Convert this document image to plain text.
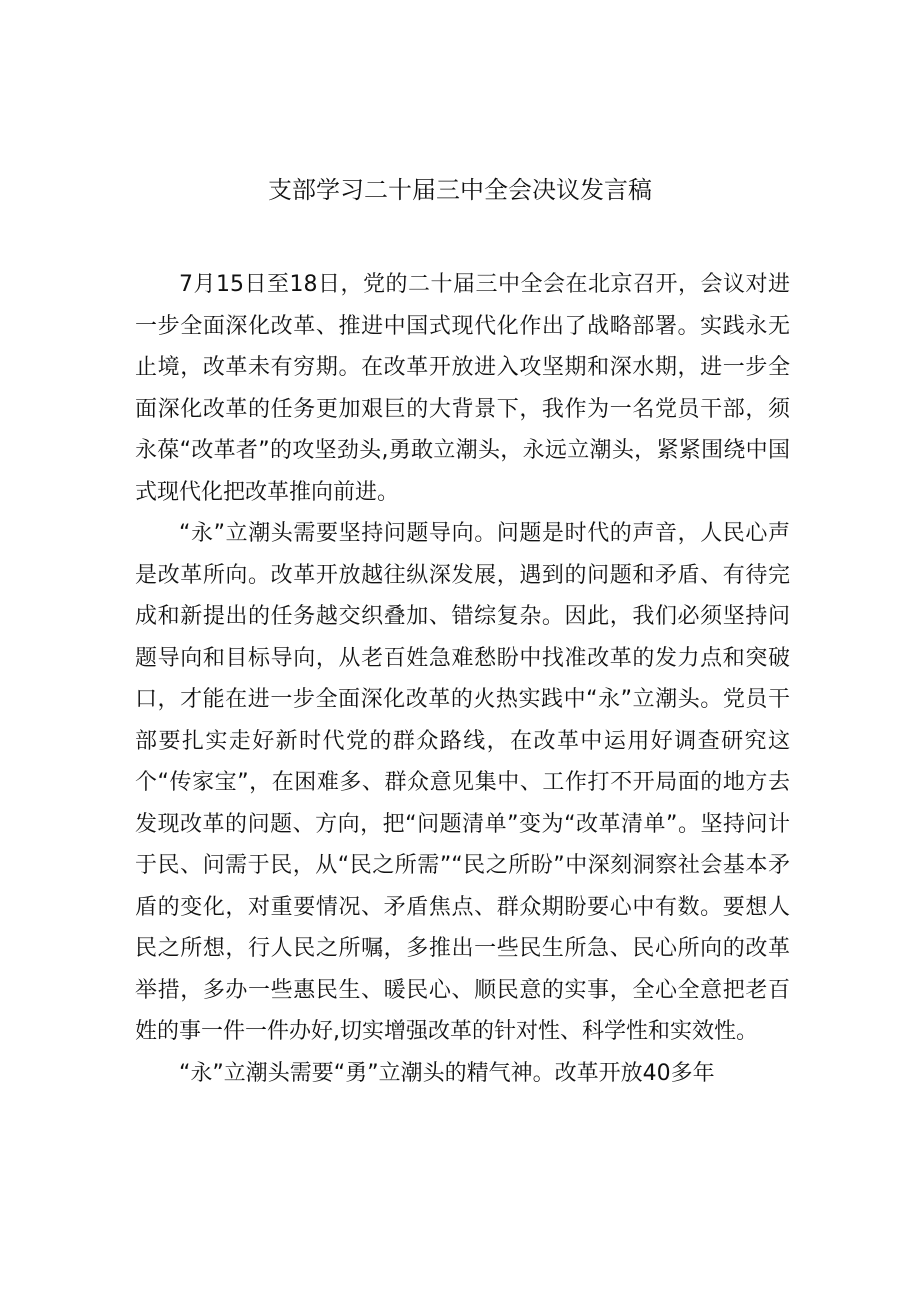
支部学习二十届三中全会决议发言稿

7月15日至18日，党的二十届三中全会在北京召开，会议对进一步全面深化改革、推进中国式现代化作出了战略部署。实践永无止境，改革未有穷期。在改革开放进入攻坚期和深水期，进一步全面深化改革的任务更加艰巨的大背景下，我作为一名党员干部，须永葆“改革者”的攻坚劲头,勇敢立潮头，永远立潮头，紧紧围绕中国式现代化把改革推向前进。

“永”立潮头需要坚持问题导向。问题是时代的声音，人民心声是改革所向。改革开放越往纵深发展，遇到的问题和矛盾、有待完成和新提出的任务越交织叠加、错综复杂。因此，我们必须坚持问题导向和目标导向，从老百姓急难愁盼中找准改革的发力点和突破口，才能在进一步全面深化改革的火热实践中“永”立潮头。党员干部要扎实走好新时代党的群众路线，在改革中运用好调查研究这个“传家宝”，在困难多、群众意见集中、工作打不开局面的地方去发现改革的问题、方向，把“问题清单”变为“改革清单”。坚持问计于民、问需于民，从“民之所需”“民之所盼”中深刻洞察社会基本矛盾的变化，对重要情况、矛盾焦点、群众期盼要心中有数。要想人民之所想，行人民之所嘱，多推出一些民生所急、民心所向的改革举措，多办一些惠民生、暖民心、顺民意的实事，全心全意把老百姓的事一件一件办好,切实增强改革的针对性、科学性和实效性。

“永”立潮头需要“勇”立潮头的精气神。改革开放40多年
